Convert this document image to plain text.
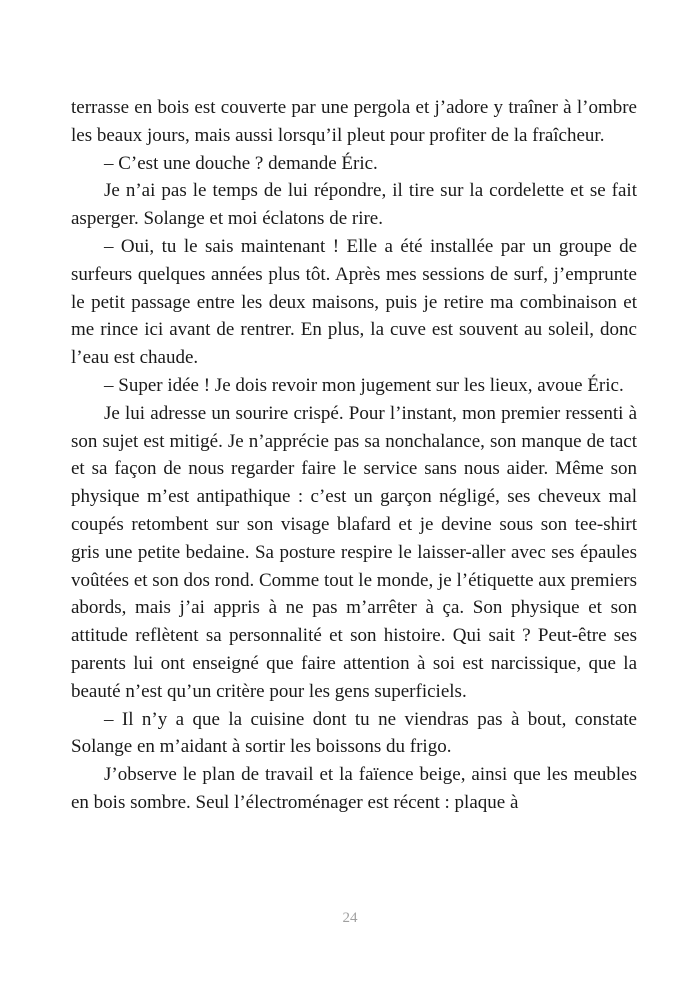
terrasse en bois est couverte par une pergola et j’adore y traîner à l’ombre les beaux jours, mais aussi lorsqu’il pleut pour profiter de la fraîcheur.

– C’est une douche ? demande Éric.

Je n’ai pas le temps de lui répondre, il tire sur la cordelette et se fait asperger. Solange et moi éclatons de rire.

– Oui, tu le sais maintenant ! Elle a été installée par un groupe de surfeurs quelques années plus tôt. Après mes sessions de surf, j’emprunte le petit passage entre les deux maisons, puis je retire ma combinaison et me rince ici avant de rentrer. En plus, la cuve est souvent au soleil, donc l’eau est chaude.

– Super idée ! Je dois revoir mon jugement sur les lieux, avoue Éric.

Je lui adresse un sourire crispé. Pour l’instant, mon premier ressenti à son sujet est mitigé. Je n’apprécie pas sa nonchalance, son manque de tact et sa façon de nous regarder faire le service sans nous aider. Même son physique m’est antipathique : c’est un garçon négligé, ses cheveux mal coupés retombent sur son visage blafard et je devine sous son tee-shirt gris une petite bedaine. Sa posture respire le laisser-aller avec ses épaules voûtées et son dos rond. Comme tout le monde, je l’étiquette aux premiers abords, mais j’ai appris à ne pas m’arrêter à ça. Son physique et son attitude reflètent sa personnalité et son histoire. Qui sait ? Peut-être ses parents lui ont enseigné que faire attention à soi est narcissique, que la beauté n’est qu’un critère pour les gens superficiels.

– Il n’y a que la cuisine dont tu ne viendras pas à bout, constate Solange en m’aidant à sortir les boissons du frigo.

J’observe le plan de travail et la faïence beige, ainsi que les meubles en bois sombre. Seul l’électroménager est récent : plaque à

24
